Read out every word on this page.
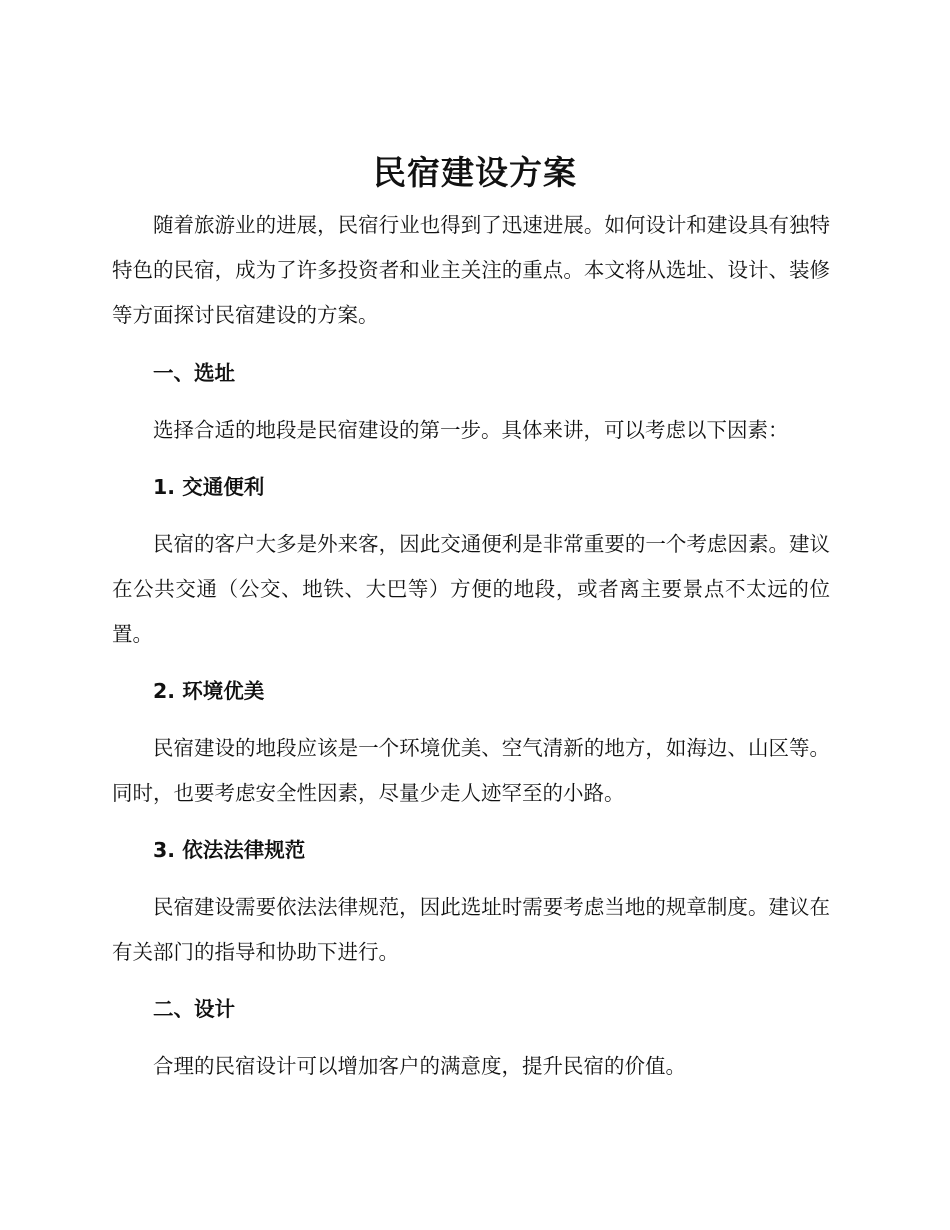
民宿建设方案

随着旅游业的进展，民宿行业也得到了迅速进展。如何设计和建设具有独特特色的民宿，成为了许多投资者和业主关注的重点。本文将从选址、设计、装修等方面探讨民宿建设的方案。

一、选址

选择合适的地段是民宿建设的第一步。具体来讲，可以考虑以下因素：

1. 交通便利

民宿的客户大多是外来客，因此交通便利是非常重要的一个考虑因素。建议在公共交通（公交、地铁、大巴等）方便的地段，或者离主要景点不太远的位置。

2. 环境优美

民宿建设的地段应该是一个环境优美、空气清新的地方，如海边、山区等。同时，也要考虑安全性因素，尽量少走人迹罕至的小路。

3. 依法法律规范

民宿建设需要依法法律规范，因此选址时需要考虑当地的规章制度。建议在有关部门的指导和协助下进行。

二、设计

合理的民宿设计可以增加客户的满意度，提升民宿的价值。
